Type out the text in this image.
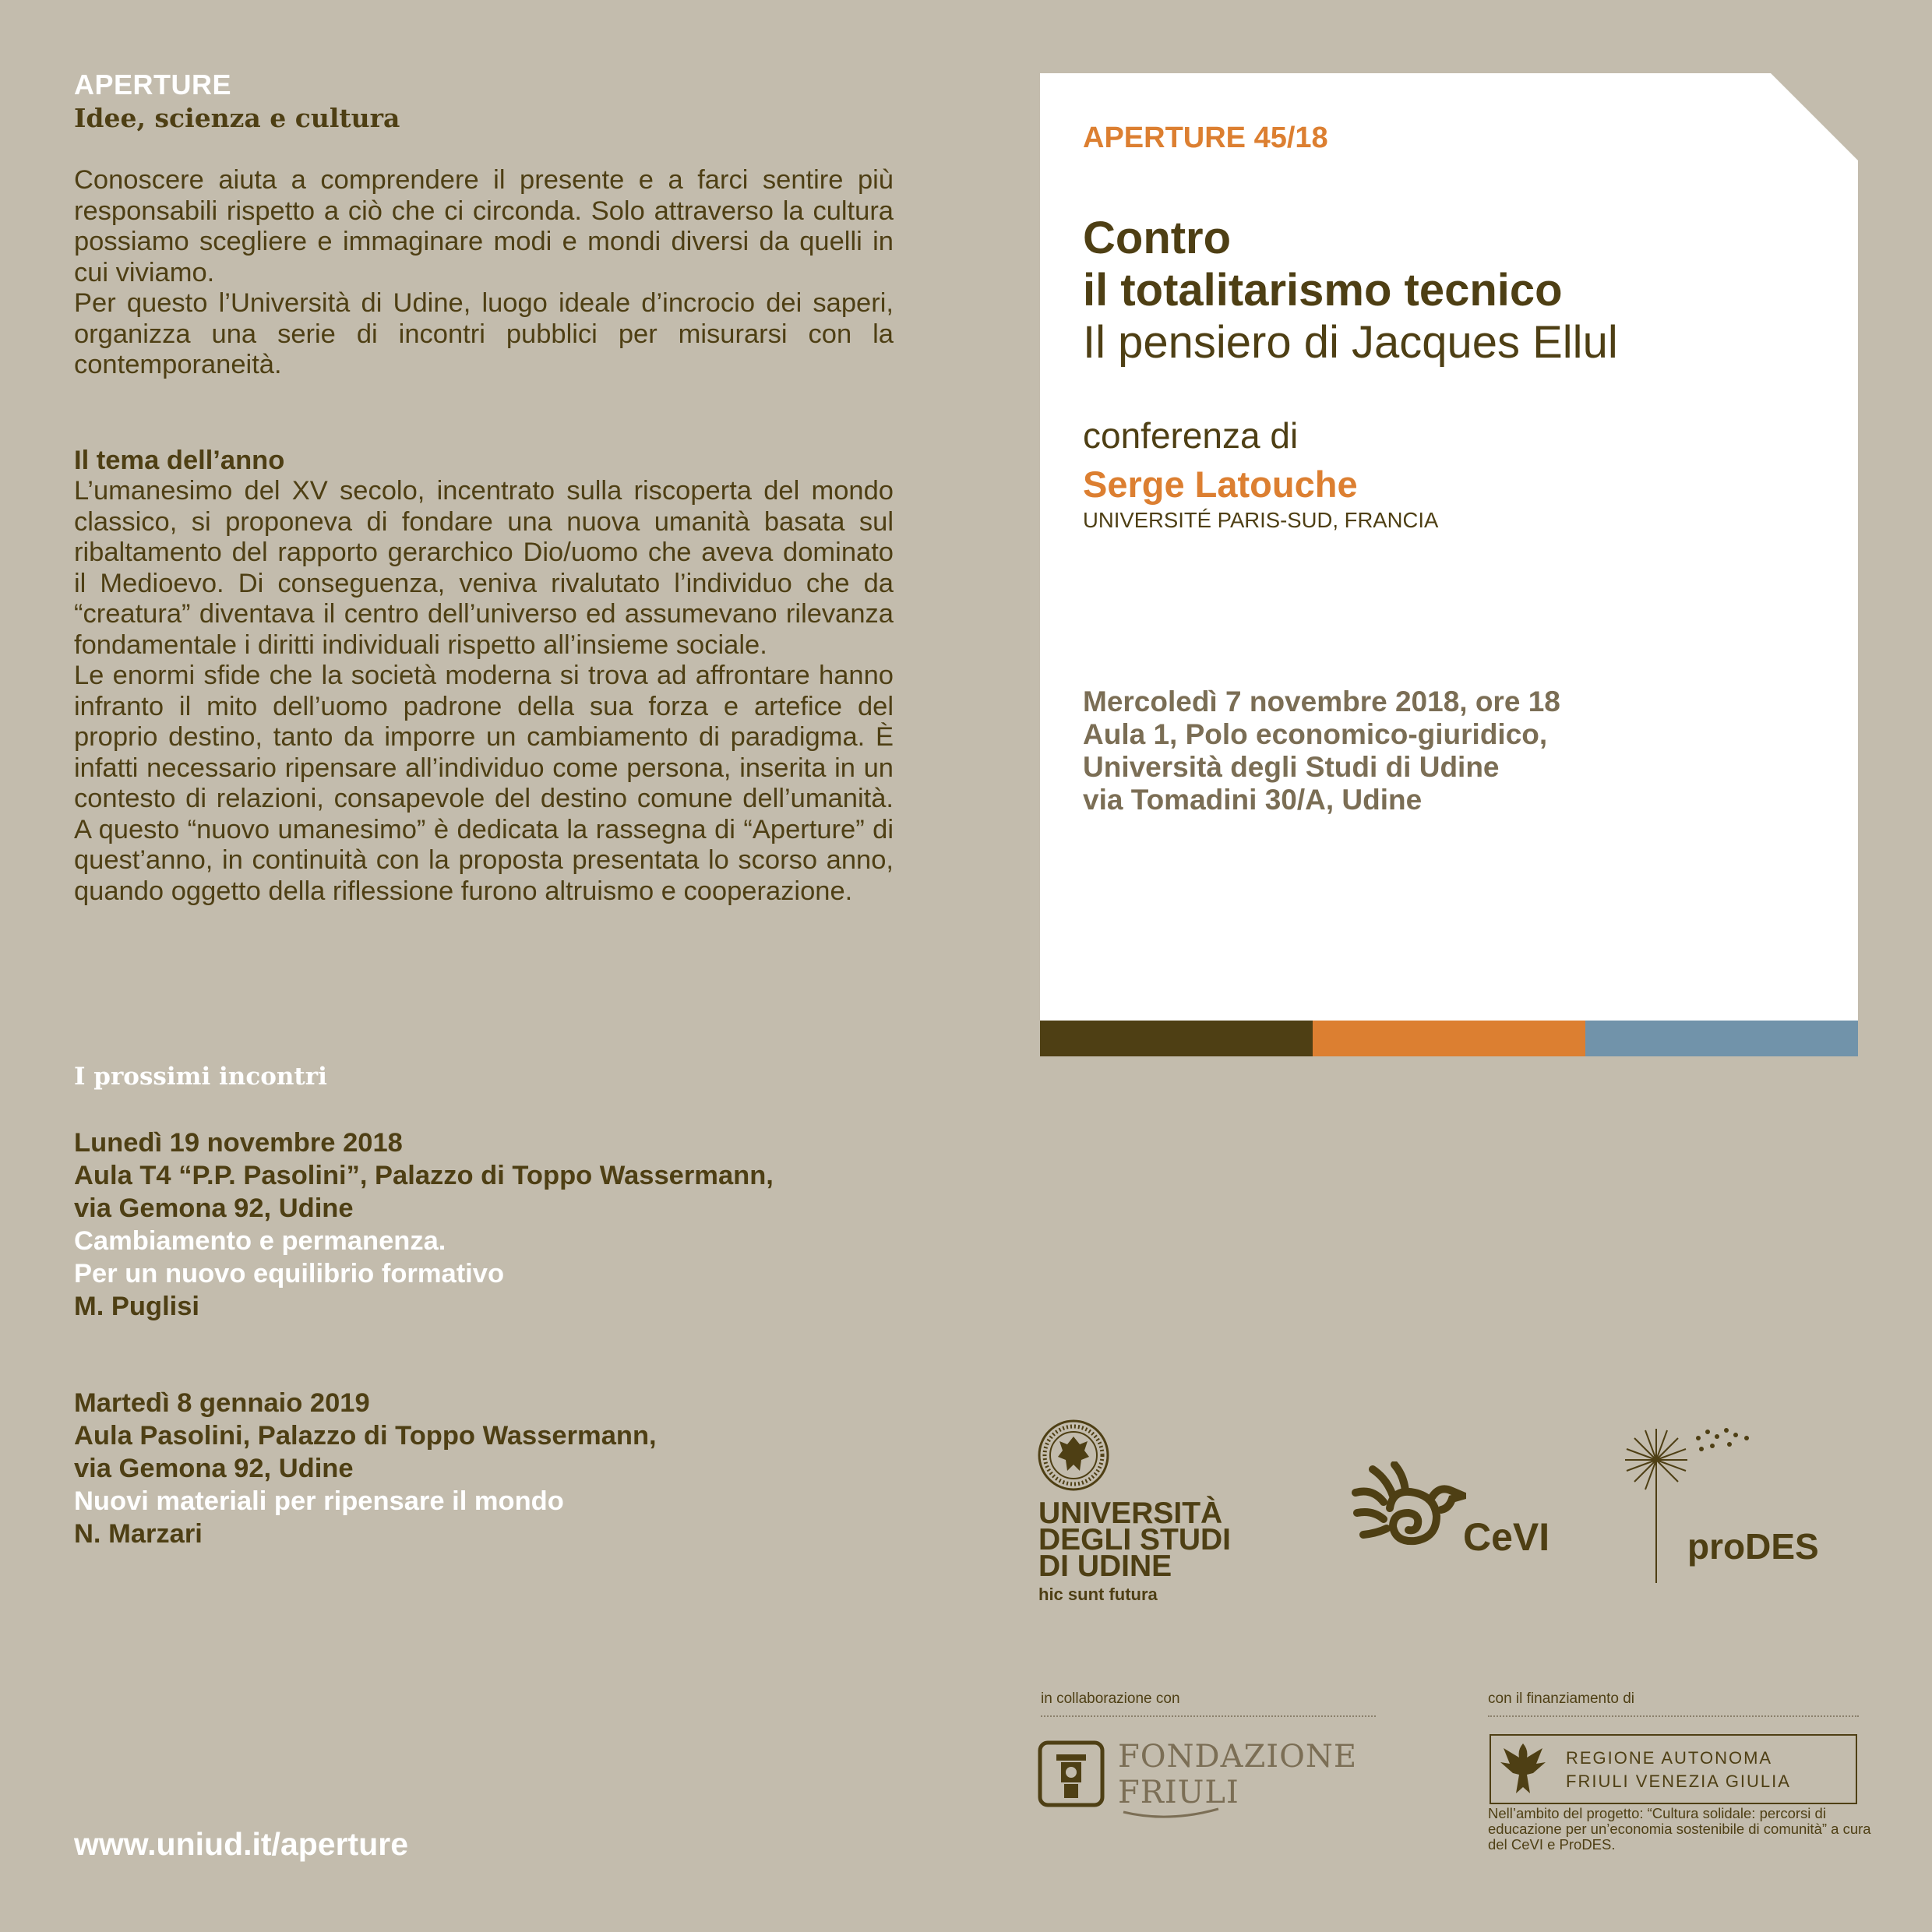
APERTURE
Idee, scienza e cultura

Conoscere aiuta a comprendere il presente e a farci sentire più responsabili rispetto a ciò che ci circonda. Solo attraverso la cultura possiamo scegliere e immaginare modi e mondi diversi da quelli in cui viviamo.

Per questo l’Università di Udine, luogo ideale d’incrocio dei saperi, organizza una serie di incontri pubblici per misurarsi con la contemporaneità.

Il tema dell’anno

L’umanesimo del XV secolo, incentrato sulla riscoperta del mondo classico, si proponeva di fondare una nuova umanità basata sul ribaltamento del rapporto gerarchico Dio/uomo che aveva dominato il Medioevo. Di conseguenza, veniva rivalutato l’individuo che da “creatura” diventava il centro dell’universo ed assumevano rilevanza fondamentale i diritti individuali rispetto all’insieme sociale.

Le enormi sfide che la società moderna si trova ad affrontare hanno infranto il mito dell’uomo padrone della sua forza e artefice del proprio destino, tanto da imporre un cambiamento di paradigma. È infatti necessario ripensare all’individuo come persona, inserita in un contesto di relazioni, consapevole del destino comune dell’umanità. A questo “nuovo umanesimo” è dedicata la rassegna di “Aperture” di quest’anno, in continuità con la proposta presentata lo scorso anno, quando oggetto della riflessione furono altruismo e cooperazione.

I prossimi incontri
Lunedì 19 novembre 2018
Aula T4 “P.P. Pasolini”, Palazzo di Toppo Wassermann,
via Gemona 92, Udine
Cambiamento e permanenza.
Per un nuovo equilibrio formativo
M. Puglisi
Martedì 8 gennaio 2019
Aula Pasolini, Palazzo di Toppo Wassermann,
via Gemona 92, Udine
Nuovi materiali per ripensare il mondo
N. Marzari
www.uniud.it/aperture
APERTURE 45/18
Contro
il totalitarismo tecnico
Il pensiero di Jacques Ellul
conferenza di
Serge Latouche
UNIVERSITÉ PARIS-SUD, FRANCIA
Mercoledì 7 novembre 2018, ore 18
Aula 1, Polo economico-giuridico,
Università degli Studi di Udine
via Tomadini 30/A, Udine
UNIVERSITÀ
DEGLI STUDI
DI UDINE
hic sunt futura
CeVI	proDES
in collaborazione con
FONDAZIONE
FRIULI
con il finanziamento di
REGIONE AUTONOMA
FRIULI VENEZIA GIULIA
Nell’ambito del progetto: “Cultura solidale: percorsi di educazione per un’economia sostenibile di comunità” a cura del CeVI e ProDES.
